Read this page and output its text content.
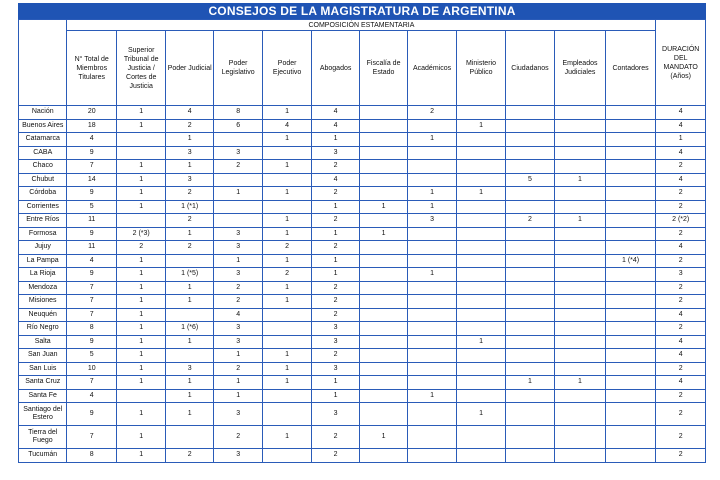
CONSEJOS DE LA MAGISTRATURA DE ARGENTINA
	COMPOSICIÓN ESTAMENTARIA												DURACIÓN DEL MANDATO (Años)
	N° Total de Miembros Titulares	Superior Tribunal de Justicia / Cortes de Justicia	Poder Judicial	Poder Legislativo	Poder Ejecutivo	Abogados	Fiscalía de Estado	Académicos	Ministerio Público	Ciudadanos	Empleados Judiciales	Contadores	
Nación	20	1	4	8	1	4		2					4
Buenos Aires	18	1	2	6	4	4			1				4
Catamarca	4		1		1	1		1					1
CABA	9		3	3		3							4
Chaco	7	1	1	2	1	2							2
Chubut	14	1	3			4				5	1		4
Córdoba	9	1	2	1	1	2		1	1				2
Corrientes	5	1	1 (*1)			1	1	1					2
Entre Ríos	11		2		1	2		3		2	1		2 (*2)
Formosa	9	2 (*3)	1	3	1	1	1						2
Jujuy	11	2	2	3	2	2							4
La Pampa	4	1		1	1	1						1 (*4)	2
La Rioja	9	1	1 (*5)	3	2	1		1					3
Mendoza	7	1	1	2	1	2							2
Misiones	7	1	1	2	1	2							2
Neuquén	7	1		4		2							4
Río Negro	8	1	1 (*6)	3		3							2
Salta	9	1	1	3		3			1				4
San Juan	5	1		1	1	2							4
San Luis	10	1	3	2	1	3							2
Santa Cruz	7	1	1	1	1	1				1	1		4
Santa Fe	4		1	1		1		1					2
Santiago del Estero	9	1	1	3		3			1				2
Tierra del Fuego	7	1		2	1	2	1						2
Tucumán	8	1	2	3		2							2
